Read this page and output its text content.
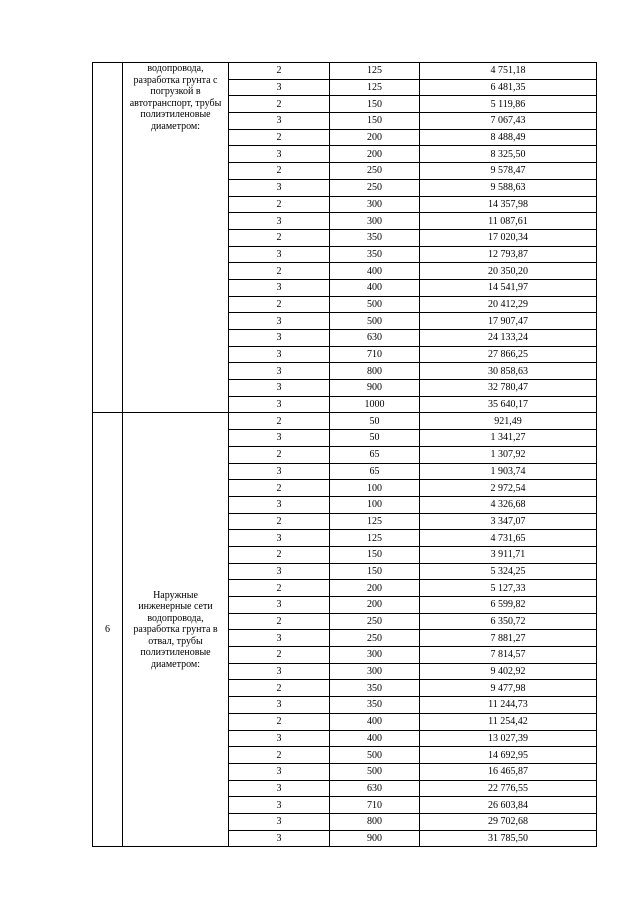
	водопровода, разработка грунта с погрузкой в автотранспорт, трубы полиэтиленовые диаметром:	2	125	4 751,18
		3	125	6 481,35
		2	150	5 119,86
		3	150	7 067,43
		2	200	8 488,49
		3	200	8 325,50
		2	250	9 578,47
		3	250	9 588,63
		2	300	14 357,98
		3	300	11 087,61
		2	350	17 020,34
		3	350	12 793,87
		2	400	20 350,20
		3	400	14 541,97
		2	500	20 412,29
		3	500	17 907,47
		3	630	24 133,24
		3	710	27 866,25
		3	800	30 858,63
		3	900	32 780,47
		3	1000	35 640,17
6	Наружные инженерные сети водопровода, разработка грунта в отвал, трубы полиэтиленовые диаметром:	2	50	921,49
		3	50	1 341,27
		2	65	1 307,92
		3	65	1 903,74
		2	100	2 972,54
		3	100	4 326,68
		2	125	3 347,07
		3	125	4 731,65
		2	150	3 911,71
		3	150	5 324,25
		2	200	5 127,33
		3	200	6 599,82
		2	250	6 350,72
		3	250	7 881,27
		2	300	7 814,57
		3	300	9 402,92
		2	350	9 477,98
		3	350	11 244,73
		2	400	11 254,42
		3	400	13 027,39
		2	500	14 692,95
		3	500	16 465,87
		3	630	22 776,55
		3	710	26 603,84
		3	800	29 702,68
		3	900	31 785,50
